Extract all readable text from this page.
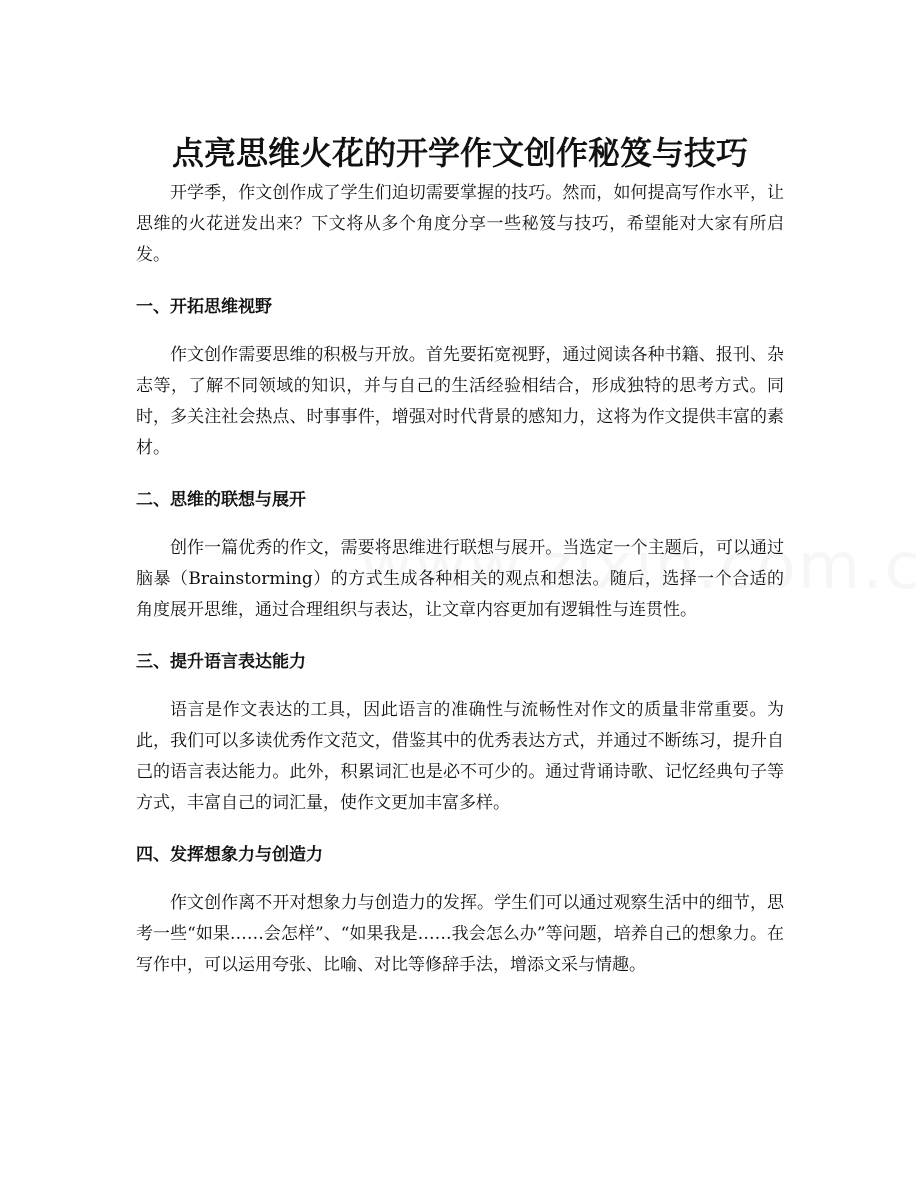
点亮思维火花的开学作文创作秘笈与技巧

开学季，作文创作成了学生们迫切需要掌握的技巧。然而，如何提高写作水平，让思维的火花迸发出来？下文将从多个角度分享一些秘笈与技巧，希望能对大家有所启发。

一、开拓思维视野

作文创作需要思维的积极与开放。首先要拓宽视野，通过阅读各种书籍、报刊、杂志等，了解不同领域的知识，并与自己的生活经验相结合，形成独特的思考方式。同时，多关注社会热点、时事事件，增强对时代背景的感知力，这将为作文提供丰富的素材。

二、思维的联想与展开

创作一篇优秀的作文，需要将思维进行联想与展开。当选定一个主题后，可以通过脑暴（Brainstorming）的方式生成各种相关的观点和想法。随后，选择一个合适的角度展开思维，通过合理组织与表达，让文章内容更加有逻辑性与连贯性。

三、提升语言表达能力

语言是作文表达的工具，因此语言的准确性与流畅性对作文的质量非常重要。为此，我们可以多读优秀作文范文，借鉴其中的优秀表达方式，并通过不断练习，提升自己的语言表达能力。此外，积累词汇也是必不可少的。通过背诵诗歌、记忆经典句子等方式，丰富自己的词汇量，使作文更加丰富多样。

四、发挥想象力与创造力

作文创作离不开对想象力与创造力的发挥。学生们可以通过观察生活中的细节，思考一些“如果……会怎样”、“如果我是……我会怎么办”等问题，培养自己的想象力。在写作中，可以运用夸张、比喻、对比等修辞手法，增添文采与情趣。
